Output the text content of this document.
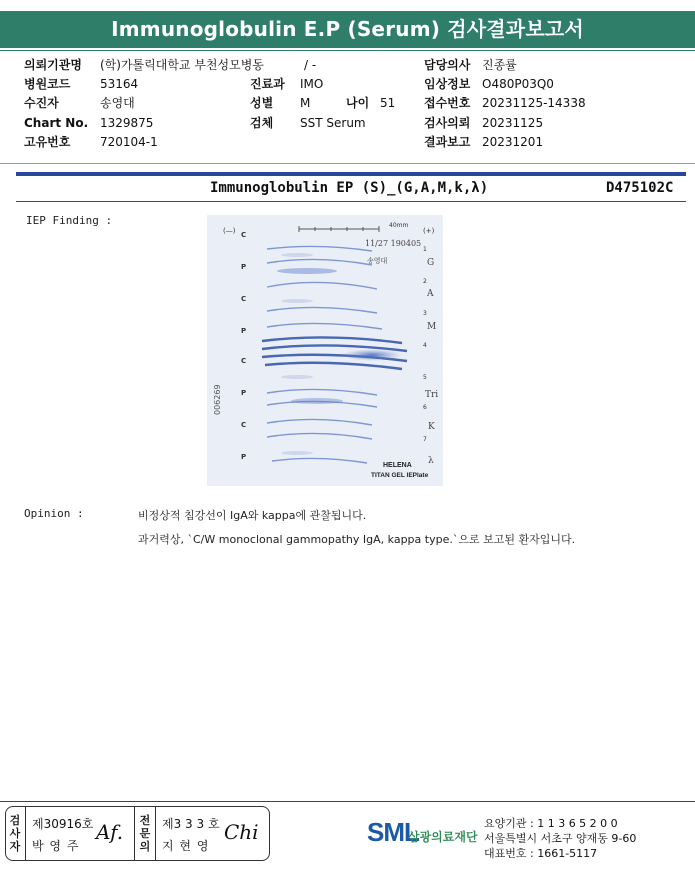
Immunoglobulin E.P (Serum) 검사결과보고서
의뢰기관명 (학)가톨릭대학교 부천성모병동	/ -
병원코드 53164
수진자	송영대
Chart No. 1329875
고유번호 720104-1
진료과 IMO
성별 M	나이 51
검체 SST Serum
담당의사 진종률
임상정보 O480P03Q0
접수번호 20231125-14338
검사의뢰 20231125
결과보고 20231201
Immunoglobulin EP (S)_(G,A,M,k,λ)	D475102C
IEP Finding :
C
P
C
P
C
P
C
P
(—)	(+)
40mm
11/27 190405
송영대
1
2
3
4
5
6
7
G
A
M
Tri
K
λ
006269
HELENA
TITAN GEL IEPlate
Opinion :	비정상적 침강선이 IgA와 kappa에 관찰됩니다.
과거력상, `C/W monoclonal gammopathy IgA, kappa type.`으로 보고된 환자입니다.
검사자
제30916호
박 영 주
Af.	전문의
제3 3 3 호
지 현 영
Chi	SML
삼광의료재단
요양기관 : 1 1 3 6 5 2 0 0
서울특별시 서초구 양재동 9-60
대표번호 : 1661-5117
